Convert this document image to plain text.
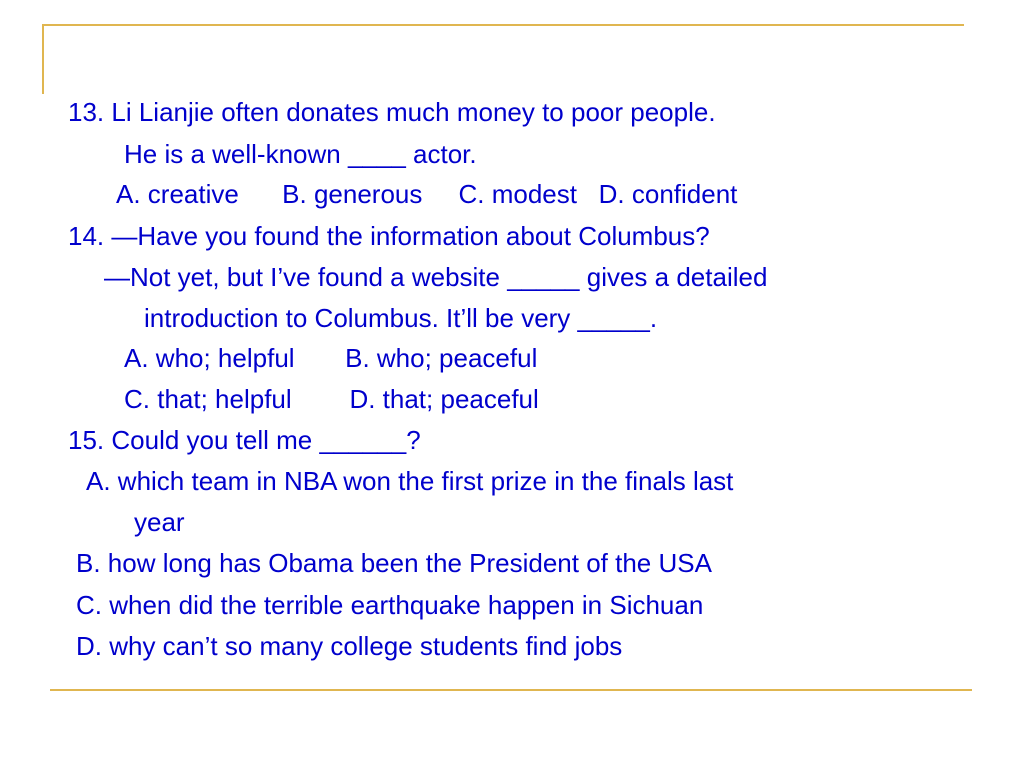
13. Li Lianjie often donates much money to poor people.
He is a well-known ____ actor.
A. creative      B. generous     C. modest   D. confident
14. —Have you found the information about Columbus?
—Not yet, but I’ve found a website _____ gives a detailed
introduction to Columbus. It’ll be very _____.
A. who; helpful       B. who; peaceful
C. that; helpful        D. that; peaceful
15. Could you tell me ______?
A. which team in NBA won the first prize in the finals last
year
B. how long has Obama been the President of the USA
C. when did the terrible earthquake happen in Sichuan
D. why can’t so many college students find jobs
